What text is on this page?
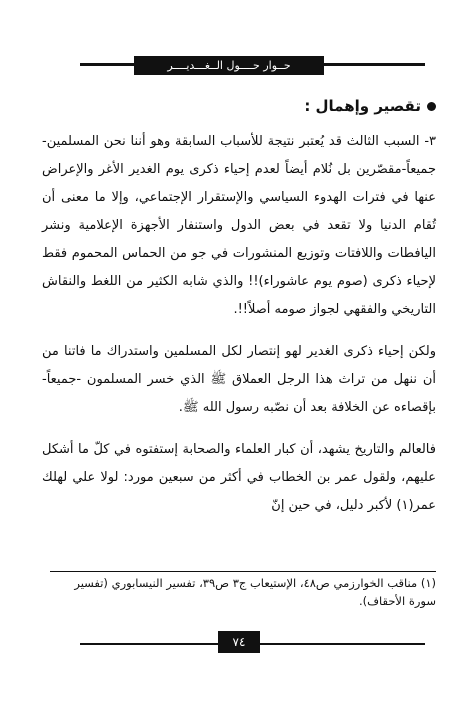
حــوار حــــول الــغـــديــــر
تقصير وإهمال :

٣- السبب الثالث قد يُعتبر نتيجة للأسباب السابقة وهو أننا نحن المسلمين-جميعاً-مقصّرين بل نُلام أيضاً لعدم إحياء ذكرى يوم الغدير الأغر والإعراض عنها في فترات الهدوء السياسي والإستقرار الإجتماعي، وإلا ما معنى أن تُقام الدنيا ولا تقعد في بعض الدول واستنفار الأجهزة الإعلامية ونشر اليافطات واللافتات وتوزيع المنشورات في جو من الحماس المحموم فقط لإحياء ذكرى (صوم يوم عاشوراء)!! والذي شابه الكثير من اللغط والنقاش التاريخي والفقهي لجواز صومه أصلاً!!.

ولكن إحياء ذكرى الغدير لهو إنتصار لكل المسلمين واستدراك ما فاتنا من أن ننهل من تراث هذا الرجل العملاق ﷺ الذي خسر المسلمون -جميعاً- بإقصاءه عن الخلافة بعد أن نصّبه رسول الله ﷺ.

فالعالم والتاريخ يشهد، أن كبار العلماء والصحابة إستفتوه في كلّ ما أشكل عليهم، ولقول عمر بن الخطاب في أكثر من سبعين مورد: لولا علي لهلك عمر(١) لأكبر دليل، في حين إنّ

(١) مناقب الخوارزمي ص٤٨، الإستيعاب ج٣ ص٣٩، تفسير النيسابوري (تفسير سورة الأحقاف).
٧٤
